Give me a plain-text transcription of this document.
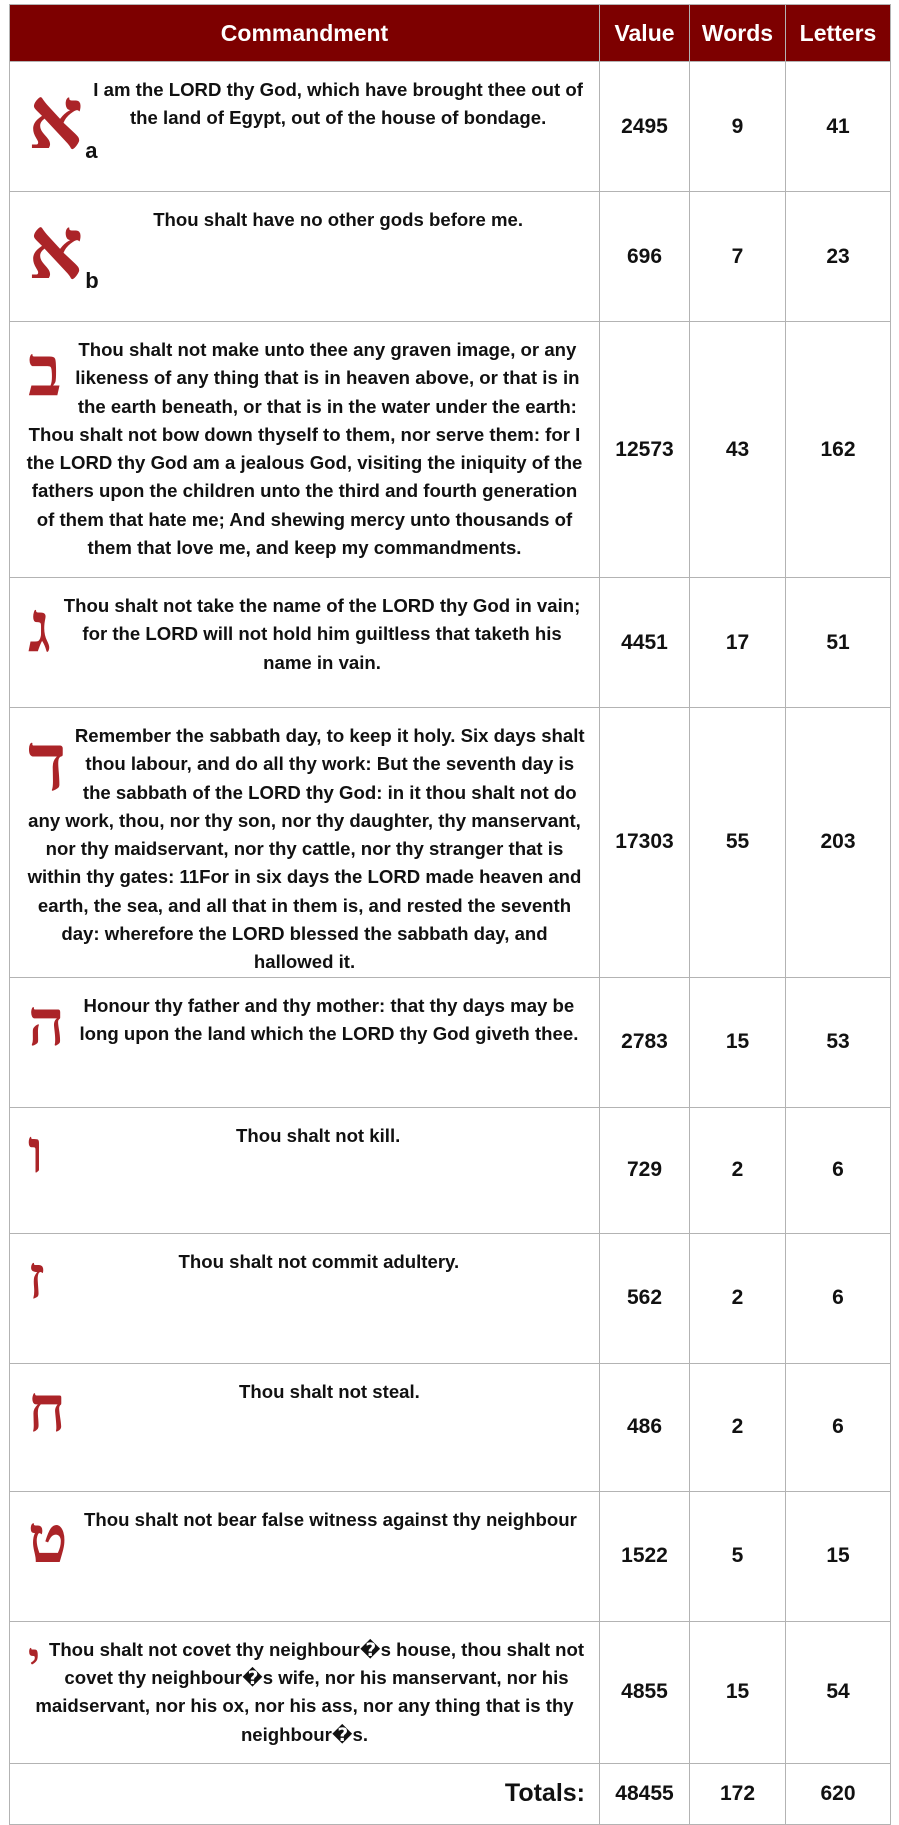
Commandment	Value	Words	Letters

א a
I am the LORD thy God, which have brought thee out of the land of Egypt, out of the house of bondage.	2495	9	41

א b
Thou shalt have no other gods before me.	696	7	23

ב Thou shalt not make unto thee any graven image, or any likeness of any thing that is in heaven above, or that is in the earth beneath, or that is in the water under the earth: Thou shalt not bow down thyself to them, nor serve them: for I the LORD thy God am a jealous God, visiting the iniquity of the fathers upon the children unto the third and fourth generation of them that hate me; And shewing mercy unto thousands of them that love me, and keep my commandments.	12573	43	162

ג Thou shalt not take the name of the LORD thy God in vain; for the LORD will not hold him guiltless that taketh his name in vain.	4451	17	51

ד Remember the sabbath day, to keep it holy. Six days shalt thou labour, and do all thy work: But the seventh day is the sabbath of the LORD thy God: in it thou shalt not do any work, thou, nor thy son, nor thy daughter, thy manservant, nor thy maidservant, nor thy cattle, nor thy stranger that is within thy gates: 11For in six days the LORD made heaven and earth, the sea, and all that in them is, and rested the seventh day: wherefore the LORD blessed the sabbath day, and hallowed it.	17303	55	203

ה Honour thy father and thy mother: that thy days may be long upon the land which the LORD thy God giveth thee.	2783	15	53

ו Thou shalt not kill.	729	2	6

ז Thou shalt not commit adultery.	562	2	6

ח Thou shalt not steal.	486	2	6

ט Thou shalt not bear false witness against thy neighbour	1522	5	15

י Thou shalt not covet thy neighbour�s house, thou shalt not covet thy neighbour�s wife, nor his manservant, nor his maidservant, nor his ox, nor his ass, nor any thing that is thy neighbour�s.	4855	15	54
Totals:	48455	172	620
